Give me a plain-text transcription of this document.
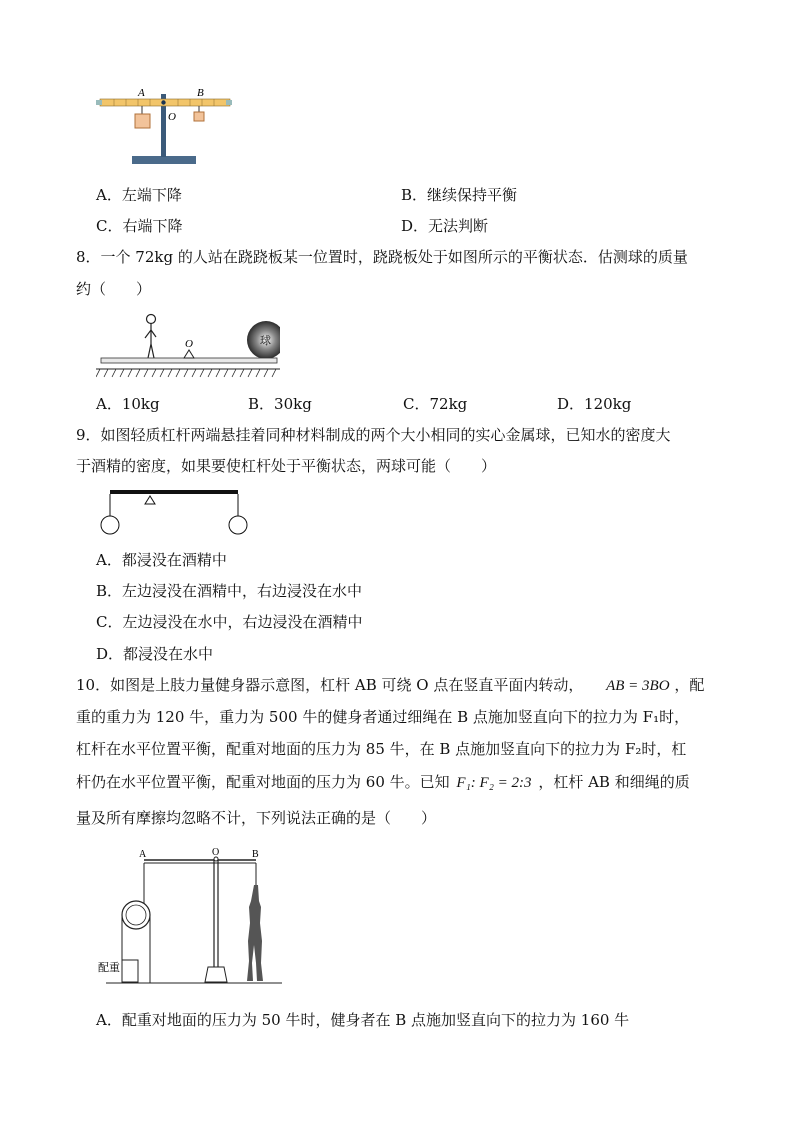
A	B
O
A．左端下降	B．继续保持平衡
C．右端下降	D．无法判断
8．一个 72kg 的人站在跷跷板某一位置时，跷跷板处于如图所示的平衡状态．估测球的质量
约（　　）
球
O
A．10kg	B．30kg	C．72kg	D．120kg
9．如图轻质杠杆两端悬挂着同种材料制成的两个大小相同的实心金属球，已知水的密度大
于酒精的密度，如果要使杠杆处于平衡状态，两球可能（　　）
A．都浸没在酒精中
B．左边浸没在酒精中，右边浸没在水中
C．左边浸没在水中，右边浸没在酒精中
D．都浸没在水中
10．如图是上肢力量健身器示意图，杠杆 AB 可绕 O 点在竖直平面内转动， AB = 3BO ，配
重的重力为 120 牛，重力为 500 牛的健身者通过细绳在 B 点施加竖直向下的拉力为 F₁时，
杠杆在水平位置平衡，配重对地面的压力为 85 牛，在 B 点施加竖直向下的拉力为 F₂时，杠
杆仍在水平位置平衡，配重对地面的压力为 60 牛。已知 F₁: F₂ = 2:3 ，杠杆 AB 和细绳的质
量及所有摩擦均忽略不计，下列说法正确的是（　　）
A	O	B
配重
A．配重对地面的压力为 50 牛时，健身者在 B 点施加竖直向下的拉力为 160 牛
